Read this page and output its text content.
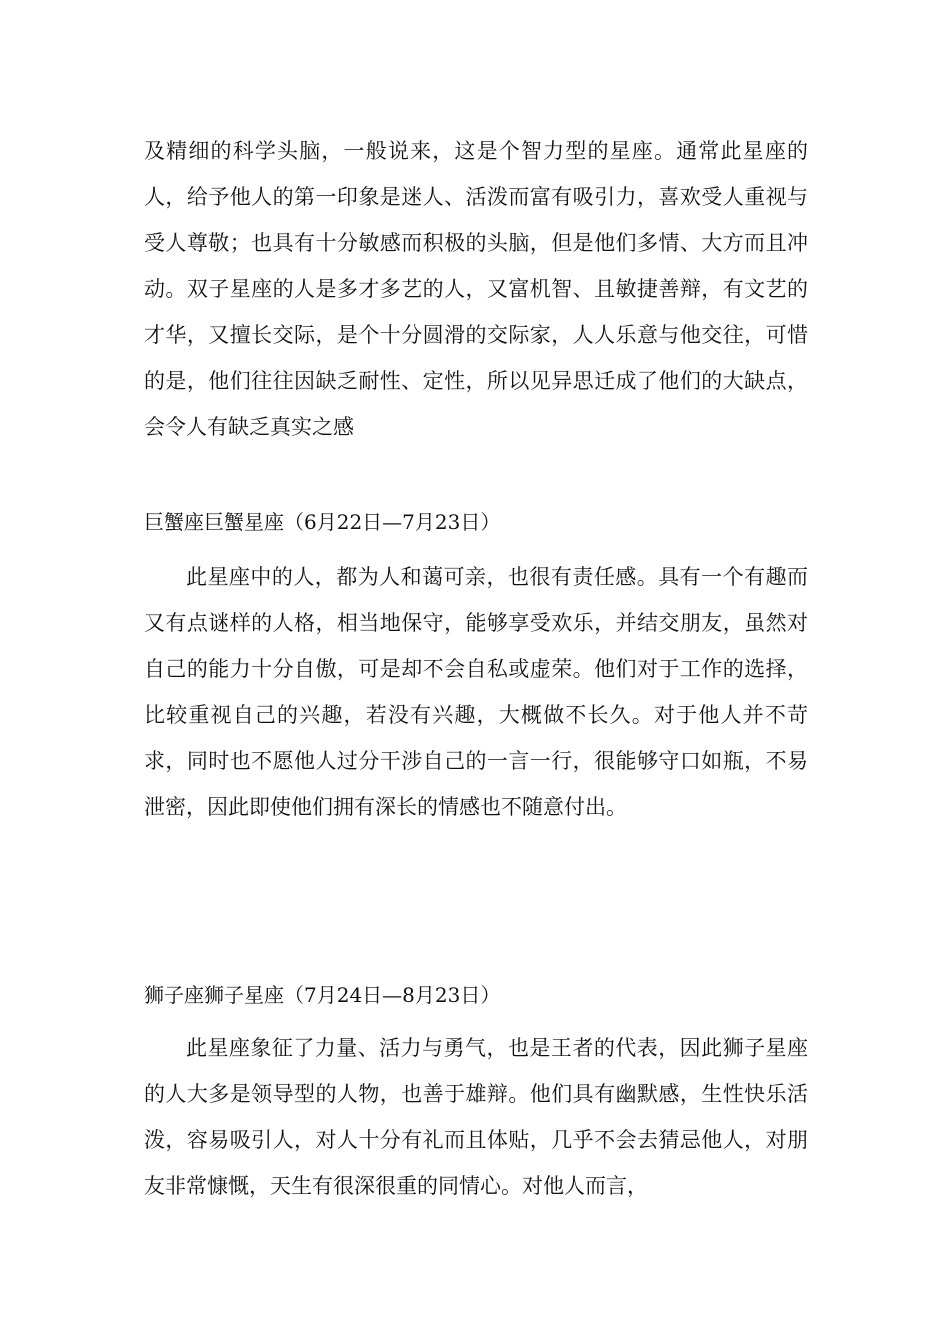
及精细的科学头脑，一般说来，这是个智力型的星座。通常此星座的人，给予他人的第一印象是迷人、活泼而富有吸引力，喜欢受人重视与受人尊敬；也具有十分敏感而积极的头脑，但是他们多情、大方而且冲动。双子星座的人是多才多艺的人，又富机智、且敏捷善辩，有文艺的才华，又擅长交际，是个十分圆滑的交际家，人人乐意与他交往，可惜的是，他们往往因缺乏耐性、定性，所以见异思迁成了他们的大缺点，会令人有缺乏真实之感

巨蟹座巨蟹星座（6月22日—7月23日）

此星座中的人，都为人和蔼可亲，也很有责任感。具有一个有趣而又有点谜样的人格，相当地保守，能够享受欢乐，并结交朋友，虽然对自己的能力十分自傲，可是却不会自私或虚荣。他们对于工作的选择，比较重视自己的兴趣，若没有兴趣，大概做不长久。对于他人并不苛求，同时也不愿他人过分干涉自己的一言一行，很能够守口如瓶，不易泄密，因此即使他们拥有深长的情感也不随意付出。

狮子座狮子星座（7月24日—8月23日）

此星座象征了力量、活力与勇气，也是王者的代表，因此狮子星座的人大多是领导型的人物，也善于雄辩。他们具有幽默感，生性快乐活泼，容易吸引人，对人十分有礼而且体贴，几乎不会去猜忌他人，对朋友非常慷慨，天生有很深很重的同情心。对他人而言，
